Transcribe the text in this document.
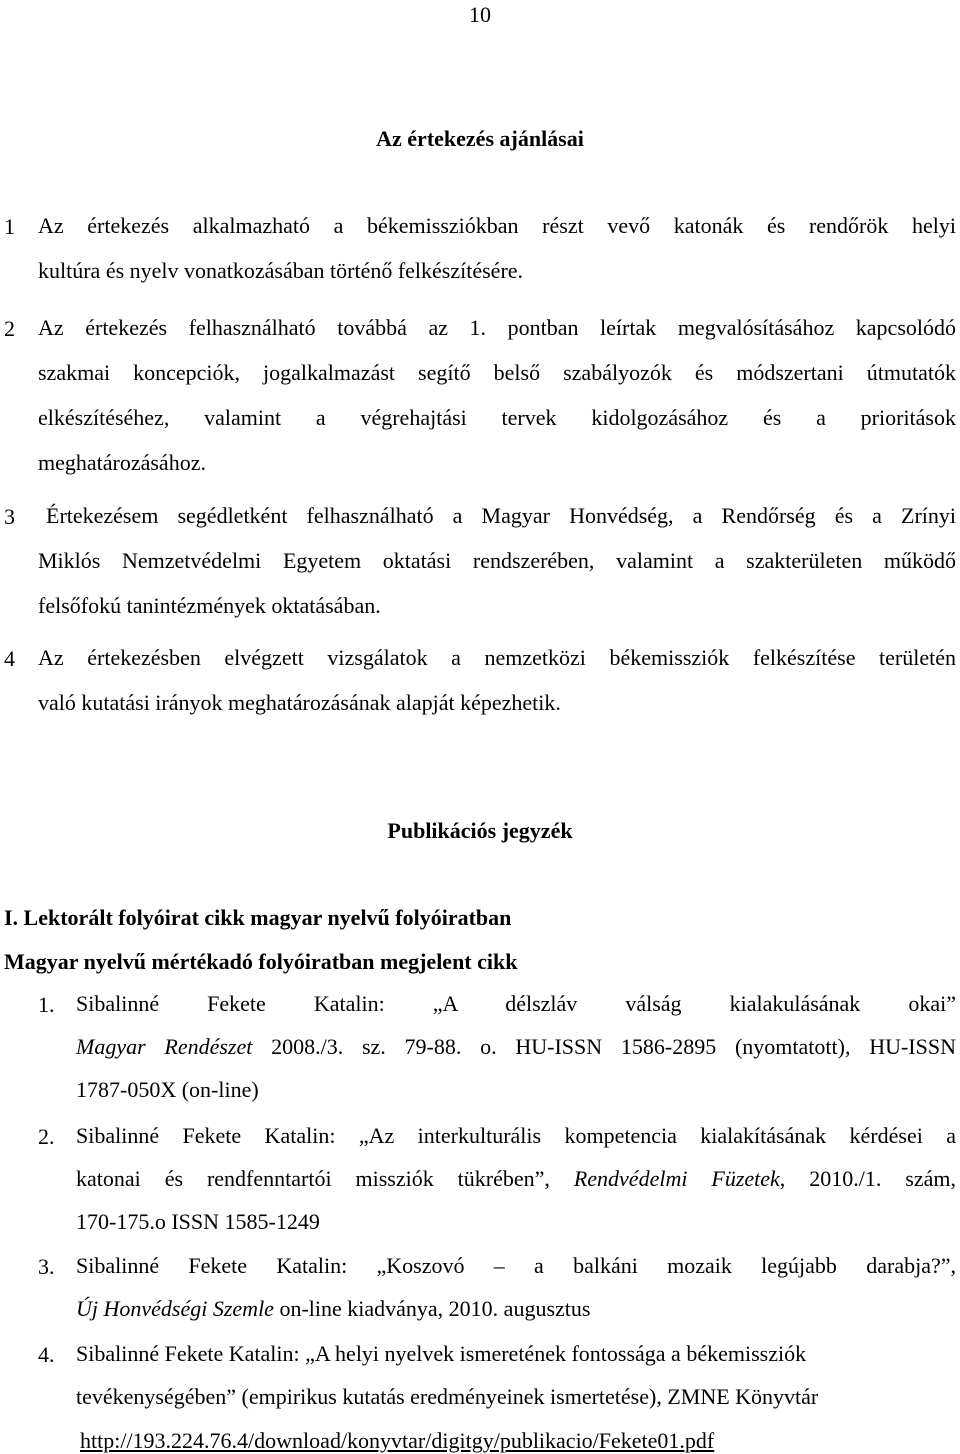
10
Az értekezés ajánlásai
1 Az értekezés alkalmazható a békemissziókban részt vevő katonák és rendőrök helyi
kultúra és nyelv vonatkozásában történő felkészítésére.
2 Az értekezés felhasználható továbbá az 1. pontban leírtak megvalósításához kapcsolódó
szakmai koncepciók, jogalkalmazást segítő belső szabályozók és módszertani útmutatók
elkészítéséhez, valamint a végrehajtási tervek kidolgozásához és a prioritások
meghatározásához.
3 Értekezésem segédletként felhasználható a Magyar Honvédség, a Rendőrség és a Zrínyi
Miklós Nemzetvédelmi Egyetem oktatási rendszerében, valamint a szakterületen működő
felsőfokú tanintézmények oktatásában.
4 Az értekezésben elvégzett vizsgálatok a nemzetközi békemissziók felkészítése területén
való kutatási irányok meghatározásának alapját képezhetik.
Publikációs jegyzék
I. Lektorált folyóirat cikk magyar nyelvű folyóiratban
Magyar nyelvű mértékadó folyóiratban megjelent cikk
1. Sibalinné Fekete Katalin: „A délszláv válság kialakulásának okai”
Magyar Rendészet 2008./3. sz. 79-88. o. HU-ISSN 1586-2895 (nyomtatott), HU-ISSN
1787-050X (on-line)
2. Sibalinné Fekete Katalin: „Az interkulturális kompetencia kialakításának kérdései a
katonai és rendfenntartói missziók tükrében”, Rendvédelmi Füzetek, 2010./1. szám,
170-175.o ISSN 1585-1249
3. Sibalinné Fekete Katalin: „Koszovó – a balkáni mozaik legújabb darabja?”,
Új Honvédségi Szemle on-line kiadványa, 2010. augusztus
4. Sibalinné Fekete Katalin: „A helyi nyelvek ismeretének fontossága a békemissziók
tevékenységében” (empirikus kutatás eredményeinek ismertetése), ZMNE Könyvtár
http://193.224.76.4/download/konyvtar/digitgy/publikacio/Fekete01.pdf
